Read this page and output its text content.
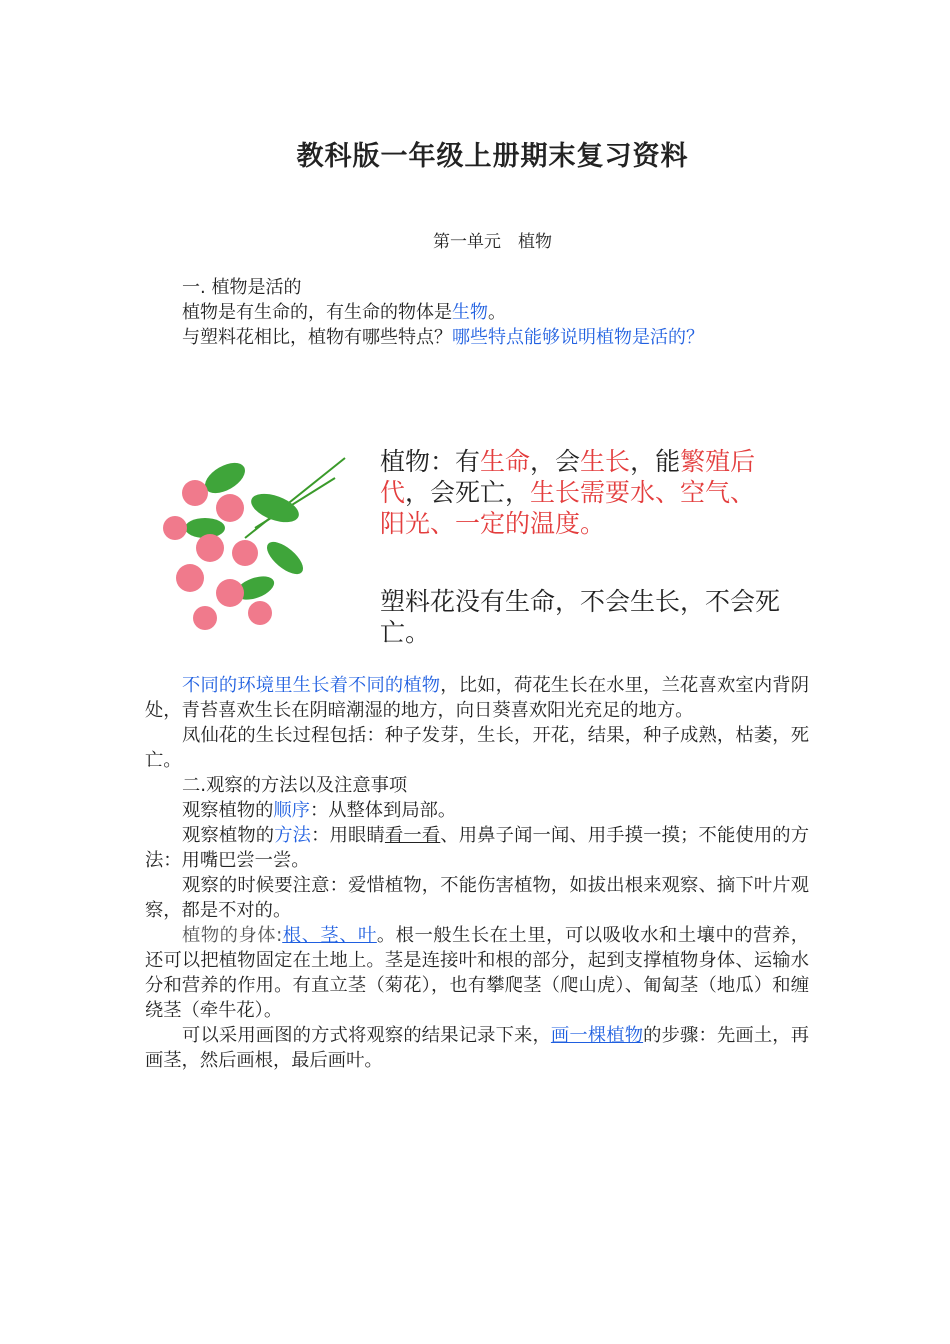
教科版一年级上册期末复习资料
第一单元　植物
一. 植物是活的
植物是有生命的，有生命的物体是生物。
与塑料花相比，植物有哪些特点？哪些特点能够说明植物是活的？
植物：有生命，会生长，能繁殖后代，会死亡，生长需要水、空气、阳光、一定的温度。
塑料花没有生命，不会生长，不会死亡。

不同的环境里生长着不同的植物，比如，荷花生长在水里，兰花喜欢室内背阴处，青苔喜欢生长在阴暗潮湿的地方，向日葵喜欢阳光充足的地方。

凤仙花的生长过程包括：种子发芽，生长，开花，结果，种子成熟，枯萎，死亡。

二.观察的方法以及注意事项

观察植物的顺序：从整体到局部。

观察植物的方法：用眼睛看一看、用鼻子闻一闻、用手摸一摸；不能使用的方法：用嘴巴尝一尝。

观察的时候要注意：爱惜植物，不能伤害植物，如拔出根来观察、摘下叶片观察，都是不对的。

植物的身体:根、茎、叶。根一般生长在土里，可以吸收水和土壤中的营养，还可以把植物固定在土地上。茎是连接叶和根的部分，起到支撑植物身体、运输水分和营养的作用。有直立茎（菊花），也有攀爬茎（爬山虎）、匍匐茎（地瓜）和缠绕茎（牵牛花）。

可以采用画图的方式将观察的结果记录下来，画一棵植物的步骤：先画土，再画茎，然后画根，最后画叶。
